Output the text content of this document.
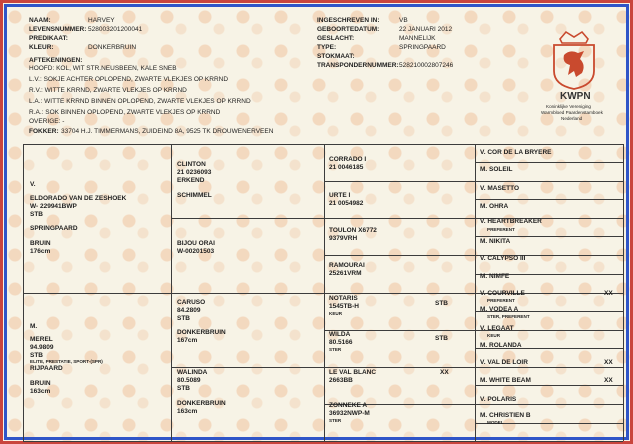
NAAM:	HARVEY
LEVENSNUMMER: 528003201200041
PREDIKAAT:
KLEUR:	DONKERBRUIN
INGESCHREVEN IN:	VB
GEBOORTEDATUM:	22 JANUARI 2012
GESLACHT:	MANNELIJK
TYPE:	SPRINGPAARD
STOKMAAT:
TRANSPONDERNUMMER: 528210002807246
AFTEKENINGEN:
HOOFD: KOL, WIT STR.NEUSBEEN, KALE SNEB
L.V.: SOKJE ACHTER OPLOPEND, ZWARTE VLEKJES OP KRRND
R.V.: WITTE KRRND, ZWARTE VLEKJES OP KRRND
L.A.: WITTE KRRND BINNEN OPLOPEND, ZWARTE VLEKJES OP KRRND
R.A.: SOK BINNEN OPLOPEND, ZWARTE VLEKJES OP KRRND
OVERIGE: -
FOKKER: 33704 H.J. TIMMERMANS, ZUIDEIND 8A, 9525 TK DROUWENERVEEN
KWPN
Koninklijke Vereniging
Warmbloed Paardenstamboek
Nederland
V.
ELDORADO VAN DE ZESHOEK
W- 229941BWP
STB
SPRINGPAARD
BRUIN
176cm
M.
MEREL
94.9809
STB
ELITE, PRESTATIE, SPORT-(SPR)
RIJPAARD
BRUIN
163cm
CLINTON
21 0236093
ERKEND
SCHIMMEL
BIJOU ORAI
W-00201503
CARUSO
84.2809
STB
DONKERBRUIN
167cm
WALINDA
80.5089
STB
DONKERBRUIN
163cm
CORRADO I
21 0046185
URTE I
21 0054982
TOULON X6772
9379VRH
RAMOURAI
25261VRM
NOTARIS
1545TB-H
KEUR
STB
WILDA
80.5166
STER
STB
LE VAL BLANC
2663BB
XX
ZONNEKE A
36932NWP-M
STER
V. COR DE LA BRYERE
M. SOLEIL
V. MASETTO
M. OHRA
V. HEARTBREAKER
PREFERENT
M. NIKITA
V. CALYPSO III
M. NIMFE
V. COURVILLE
PREFERENT
XX
M. VODEA A
STER, PREFERENT
V. LEGAAT
KEUR
M. ROLANDA
V. VAL DE LOIR	XX
M. WHITE BEAM	XX
V. POLARIS
M. CHRISTIEN B
MODEL
